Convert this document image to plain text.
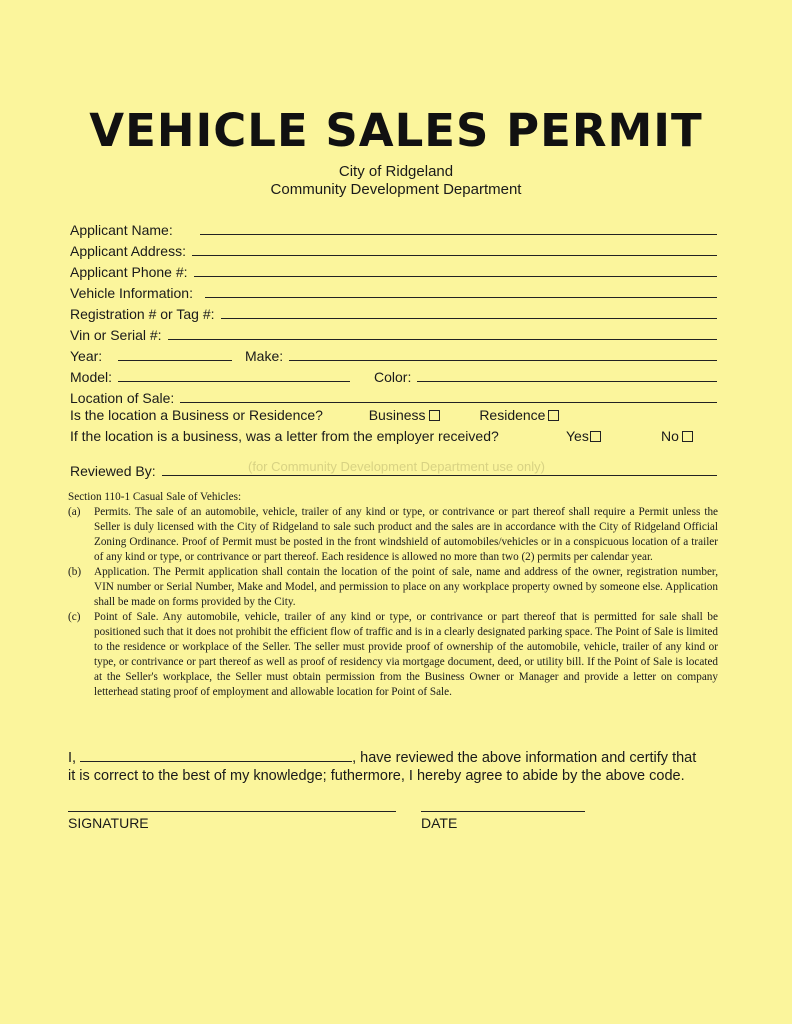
VEHICLE SALES PERMIT
City of Ridgeland
Community Development Department
Applicant Name:
Applicant Address:
Applicant Phone #:
Vehicle Information:
Registration # or Tag #:
Vin or Serial #:
Year:	Make:
Model:	Color:
Location of Sale:
Is the location a Business or Residence?	Business	Residence
If the location is a business, was a letter from the employer received?	Yes	No
Reviewed By:	(for Community Development Department use only)

Section 110-1 Casual Sale of Vehicles:

(a) Permits. The sale of an automobile, vehicle, trailer of any kind or type, or contrivance or part thereof shall require a Permit unless the Seller is duly licensed with the City of Ridgeland to sale such product and the sales are in accordance with the City of Ridgeland Official Zoning Ordinance. Proof of Permit must be posted in the front windshield of automobiles/vehicles or in a conspicuous location of a trailer of any kind or type, or contrivance or part thereof. Each residence is allowed no more than two (2) permits per calendar year.

(b) Application. The Permit application shall contain the location of the point of sale, name and address of the owner, registration number, VIN number or Serial Number, Make and Model, and permission to place on any workplace property owned by someone else. Application shall be made on forms provided by the City.

(c) Point of Sale. Any automobile, vehicle, trailer of any kind or type, or contrivance or part thereof that is permitted for sale shall be positioned such that it does not prohibit the efficient flow of traffic and is in a clearly designated parking space. The Point of Sale is limited to the residence or workplace of the Seller. The seller must provide proof of ownership of the automobile, vehicle, trailer of any kind or type, or contrivance or part thereof as well as proof of residency via mortgage document, deed, or utility bill. If the Point of Sale is located at the Seller's workplace, the Seller must obtain permission from the Business Owner or Manager and provide a letter on company letterhead stating proof of employment and allowable location for Point of Sale.

I,	, have reviewed the above information and certify that
it is correct to the best of my knowledge; futhermore, I hereby agree to abide by the above code.
SIGNATURE	DATE
